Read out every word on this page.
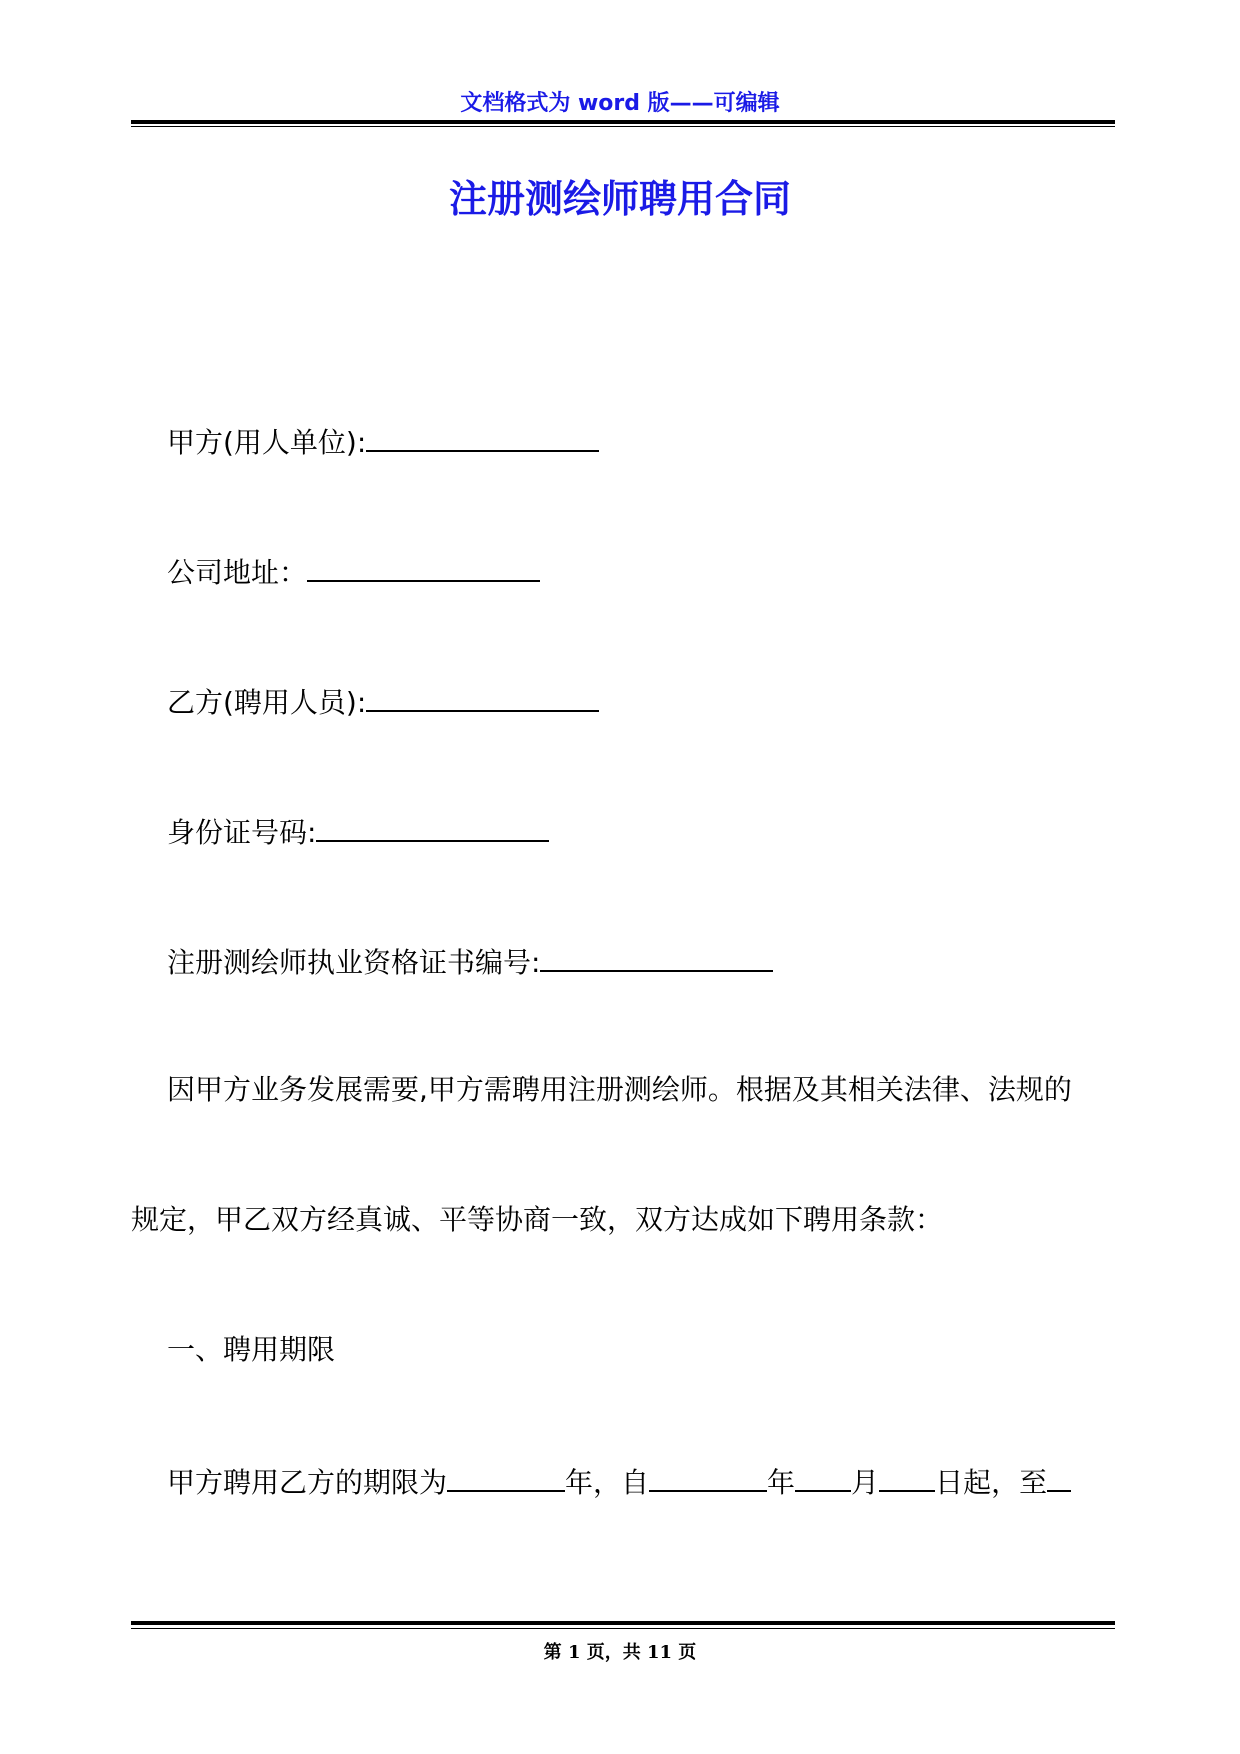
文档格式为 word 版——可编辑
注册测绘师聘用合同
甲方(用人单位):
公司地址：
乙方(聘用人员):
身份证号码:
注册测绘师执业资格证书编号:
因甲方业务发展需要,甲方需聘用注册测绘师。根据及其相关法律、法规的
规定，甲乙双方经真诚、平等协商一致，双方达成如下聘用条款：
一、聘用期限
甲方聘用乙方的期限为	年，自	年 月 日起，至
第 1 页，共 11 页
